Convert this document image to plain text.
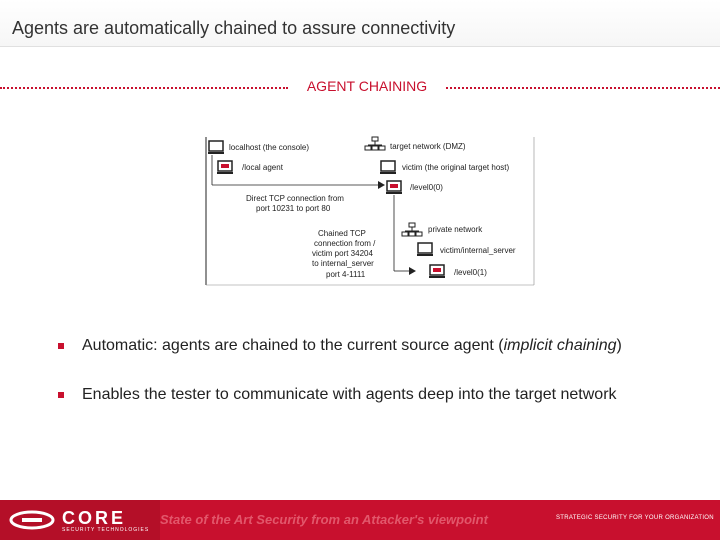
Agents are automatically chained to assure connectivity
AGENT CHAINING
localhost (the console)
/local agent
target network (DMZ)
victim (the original target host)
/level0(0)
Direct TCP connection from
port 10231 to port 80
private network
victim/internal_server
/level0(1)
Chained TCP
connection from /
victim port 34204
to internal_server
port 4-1111
Automatic: agents are chained to the current source agent (implicit chaining)
Enables the tester to communicate with agents deep into the target network
CORE
SECURITY TECHNOLOGIES
State of the Art Security from an Attacker's viewpoint	STRATEGIC SECURITY FOR YOUR ORGANIZATION
